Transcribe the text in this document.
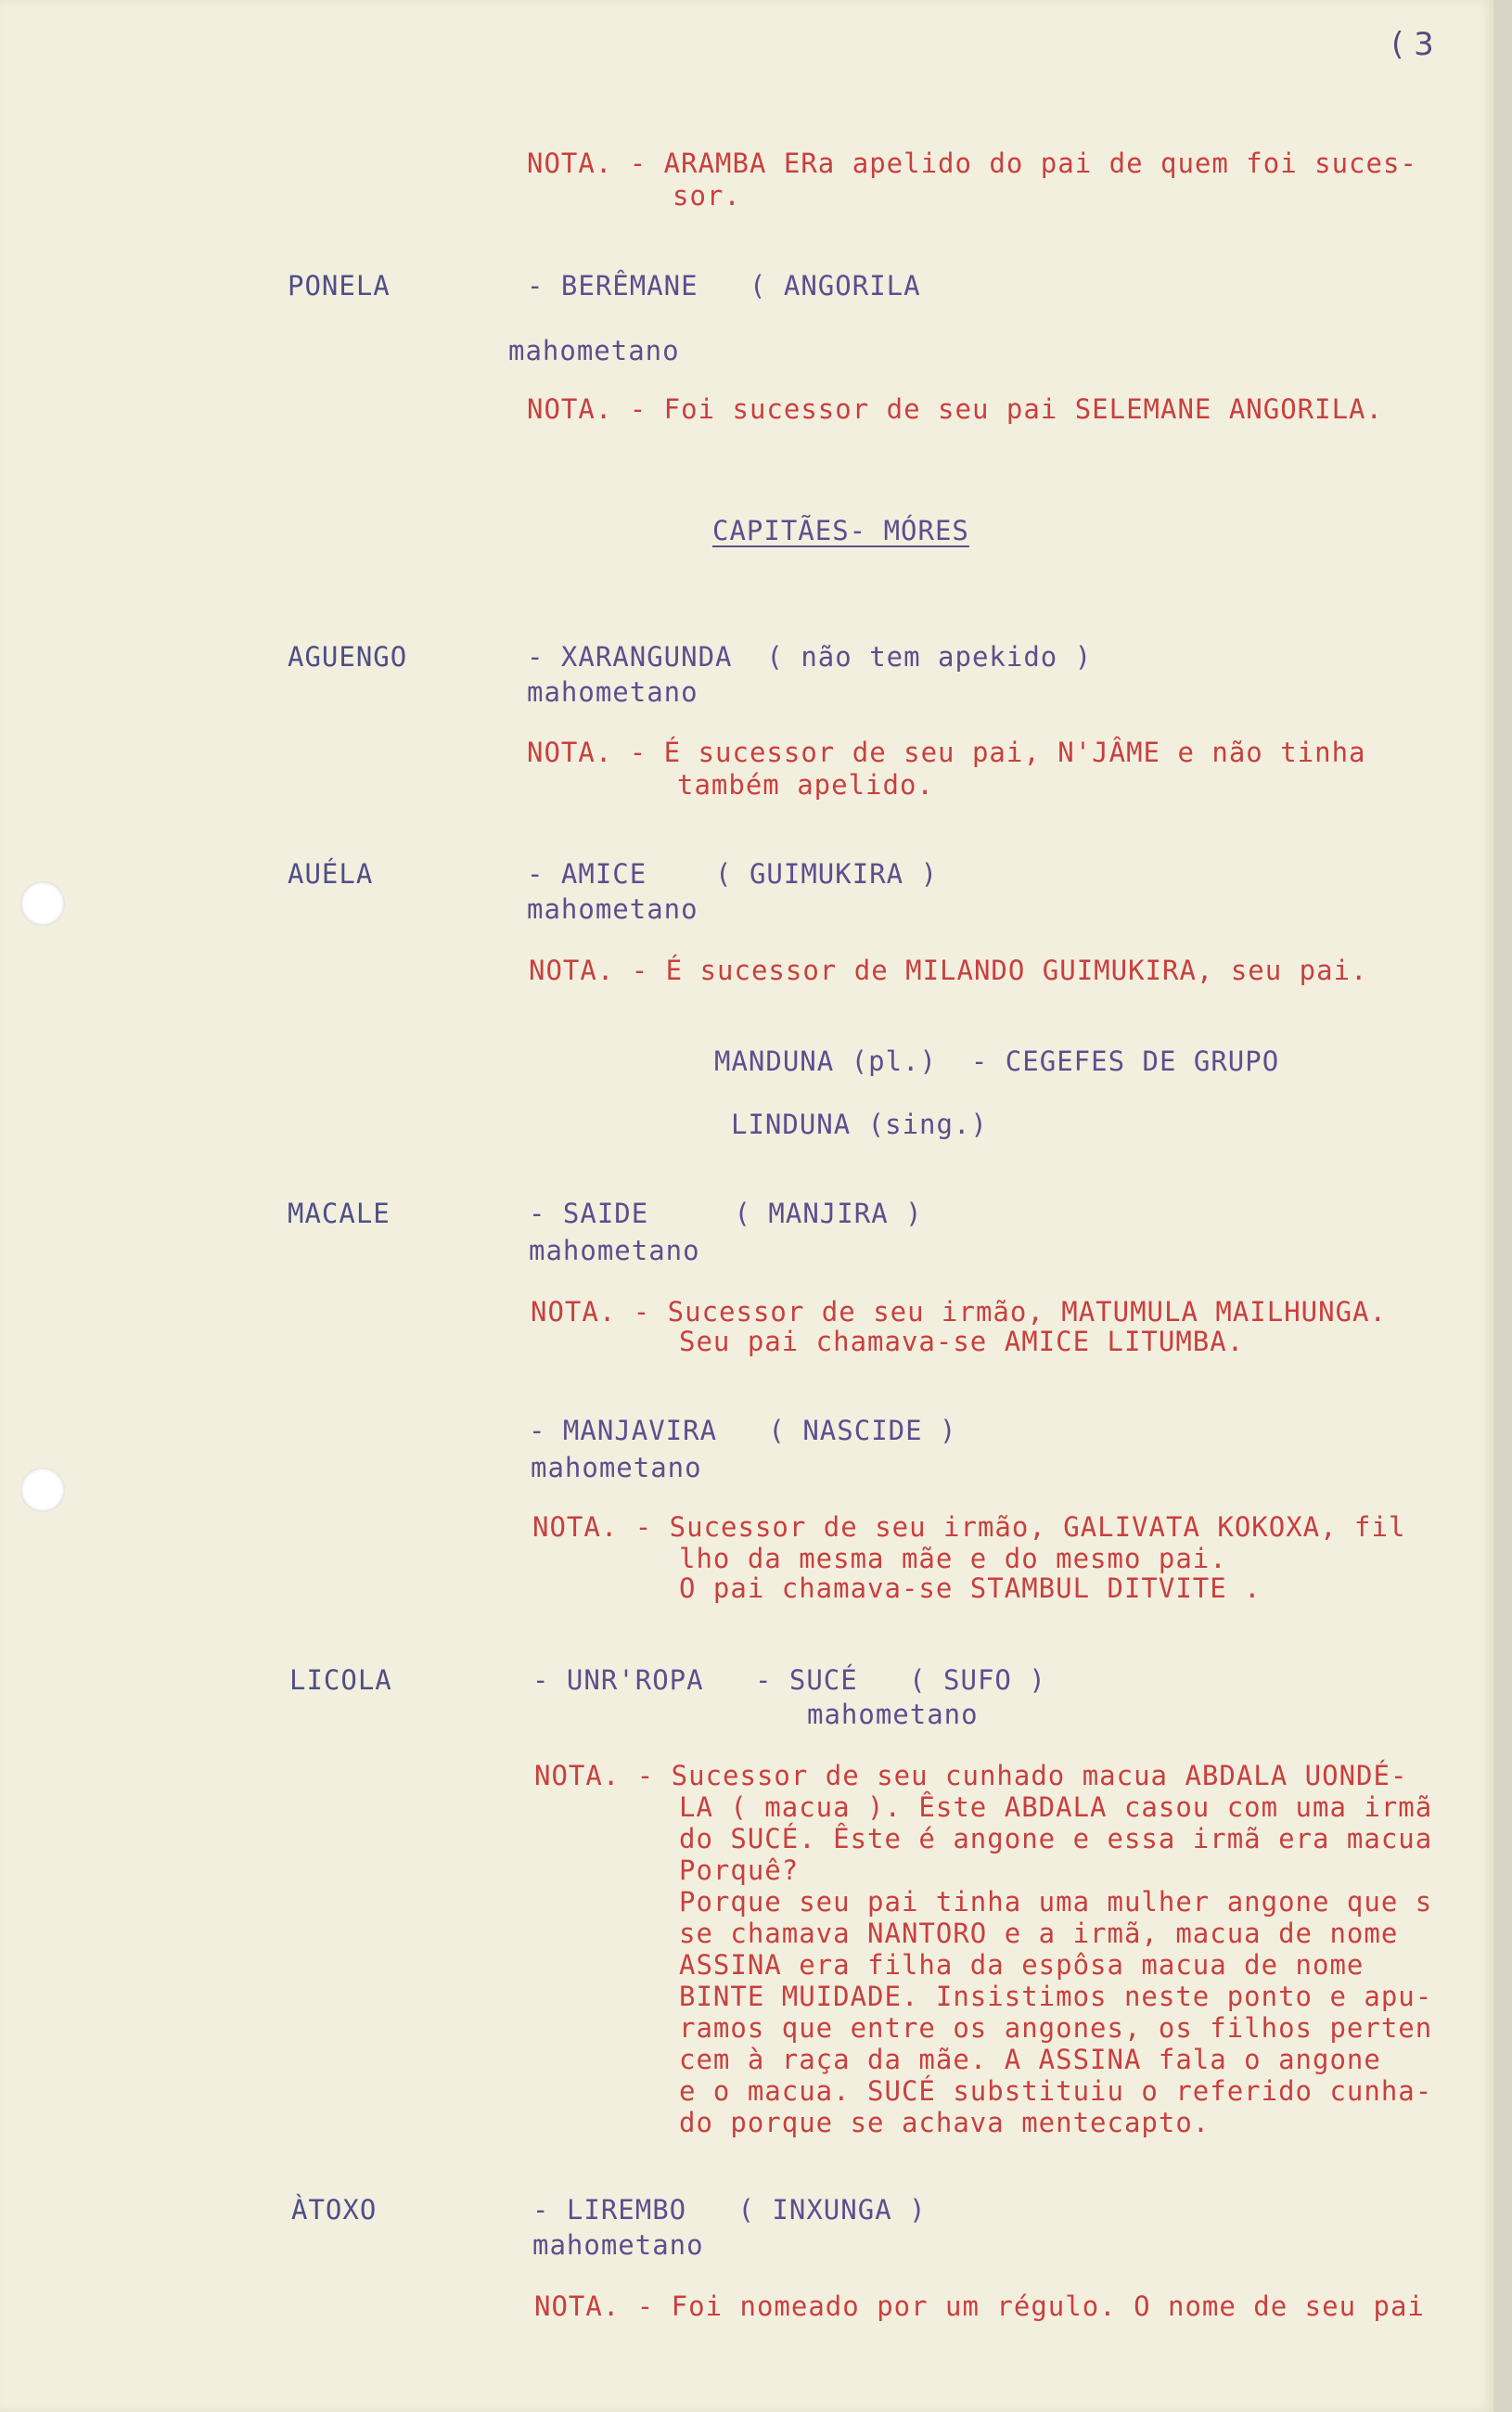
( 3
NOTA. - ARAMBA ERa apelido do pai de quem foi suces-
sor.
PONELA	- BERÊMANE   ( ANGORILA
mahometano
NOTA. - Foi sucessor de seu pai SELEMANE ANGORILA.
CAPITÃES- MÓRES
AGUENGO	- XARANGUNDA  ( não tem apekido )
mahometano
NOTA. - É sucessor de seu pai, N'JÂME e não tinha
também apelido.
AUÉLA	- AMICE    ( GUIMUKIRA )
mahometano
NOTA. - É sucessor de MILANDO GUIMUKIRA, seu pai.
MANDUNA (pl.)  - CEGEFES DE GRUPO
LINDUNA (sing.)
MACALE	- SAIDE     ( MANJIRA )
mahometano
NOTA. - Sucessor de seu irmão, MATUMULA MAILHUNGA.
Seu pai chamava-se AMICE LITUMBA.
- MANJAVIRA   ( NASCIDE )
mahometano
NOTA. - Sucessor de seu irmão, GALIVATA KOKOXA, fil
lho da mesma mãe e do mesmo pai.
O pai chamava-se STAMBUL DITVITE .
LICOLA	- UNR'ROPA   - SUCÉ   ( SUFO )
mahometano
NOTA. - Sucessor de seu cunhado macua ABDALA UONDÉ-
LA ( macua ). Êste ABDALA casou com uma irmã
do SUCÉ. Êste é angone e essa irmã era macua
Porquê?
Porque seu pai tinha uma mulher angone que s
se chamava NANTORO e a irmã, macua de nome
ASSINA era filha da espôsa macua de nome
BINTE MUIDADE. Insistimos neste ponto e apu-
ramos que entre os angones, os filhos perten
cem à raça da mãe. A ASSINA fala o angone
e o macua. SUCÉ substituiu o referido cunha-
do porque se achava mentecapto.
ÀTOXO	- LIREMBO   ( INXUNGA )
mahometano
NOTA. - Foi nomeado por um régulo. O nome de seu pai
